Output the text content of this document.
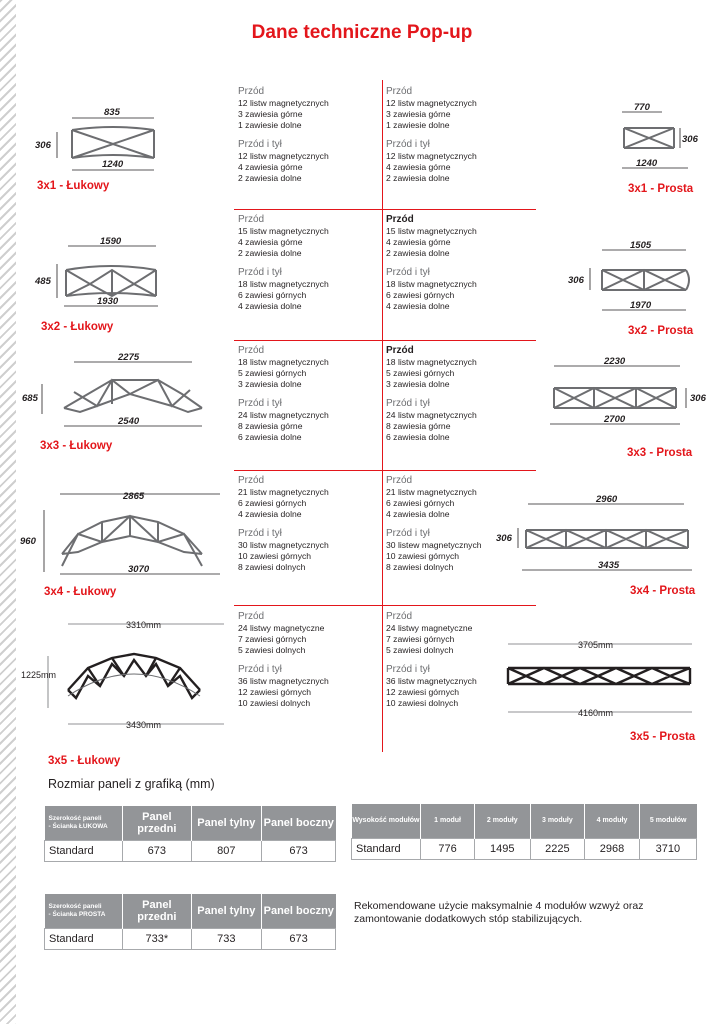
Dane techniczne Pop-up
Przód
12 listw magnetycznych
3 zawiesia górne
1 zawiesie dolne
Przód i tył
12 listw magnetycznych
4 zawiesia górne
2 zawiesia dolne
Przód
12 listw magnetycznych
3 zawiesia górne
1 zawiesie dolne
Przód i tył
12 listw magnetycznych
4 zawiesia górne
2 zawiesia dolne
Przód
15 listw magnetycznych
4 zawiesia górne
2 zawiesia dolne
Przód i tył
18 listw magnetycznych
6 zawiesi górnych
4 zawiesia dolne
Przód
15 listw magnetycznych
4 zawiesia górne
2 zawiesia dolne
Przód i tył
18 listw magnetycznych
6 zawiesi górnych
4 zawiesia dolne
Przód
18 listw magnetycznych
5 zawiesi górnych
3 zawiesia dolne
Przód i tył
24 listw magnetycznych
8 zawiesia górne
6 zawiesia dolne
Przód
18 listw magnetycznych
5 zawiesi górnych
3 zawiesia dolne
Przód i tył
24 listw magnetycznych
8 zawiesia górne
6 zawiesia dolne
Przód
21 listw magnetycznych
6 zawiesi górnych
4 zawiesia dolne
Przód i tył
30 listw magnetycznych
10 zawiesi górnych
8 zawiesi dolnych
Przód
21 listw magnetycznych
6 zawiesi górnych
4 zawiesia dolne
Przód i tył
30 listew magnetycznych
10 zawiesi górnych
8 zawiesi dolnych
Przód
24 listwy magnetyczne
7 zawiesi górnych
5 zawiesi dolnych
Przód i tył
36 listw magnetycznych
12 zawiesi górnych
10 zawiesi dolnych
Przód
24 listwy magnetyczne
7 zawiesi górnych
5 zawiesi dolnych
Przód i tył
36 listw magnetycznych
12 zawiesi górnych
10 zawiesi dolnych
835
306
1240
1590
485
1930
2275
685
2540
2865
960
3070
3310mm
1225mm
3430mm
770
306
1240
1505
306
1970
2230
306
2700
2960
306
3435
3705mm
4160mm
3x1 - Łukowy	3x1 - Prosta
3x2 - Łukowy	3x2 - Prosta
3x3 - Łukowy
3x3 - Prosta
3x4 - Łukowy	3x4 - Prosta
3x5 - Łukowy
3x5 - Prosta
Rozmiar paneli z grafiką (mm)
Szerokość paneli
- Ścianka ŁUKOWA	Panel przedni	Panel tylny	Panel boczny
Standard	673	807	673
Szerokość paneli
- Ścianka PROSTA	Panel przedni	Panel tylny	Panel boczny
Standard	733*	733	673
Wysokość modułów	1 moduł	2 moduły	3 moduły	4 moduły	5 modułów
Standard	776	1495	2225	2968	3710
Rekomendowane użycie maksymalnie 4 modułów wzwyż oraz zamontowanie dodatkowych stóp stabilizujących.
